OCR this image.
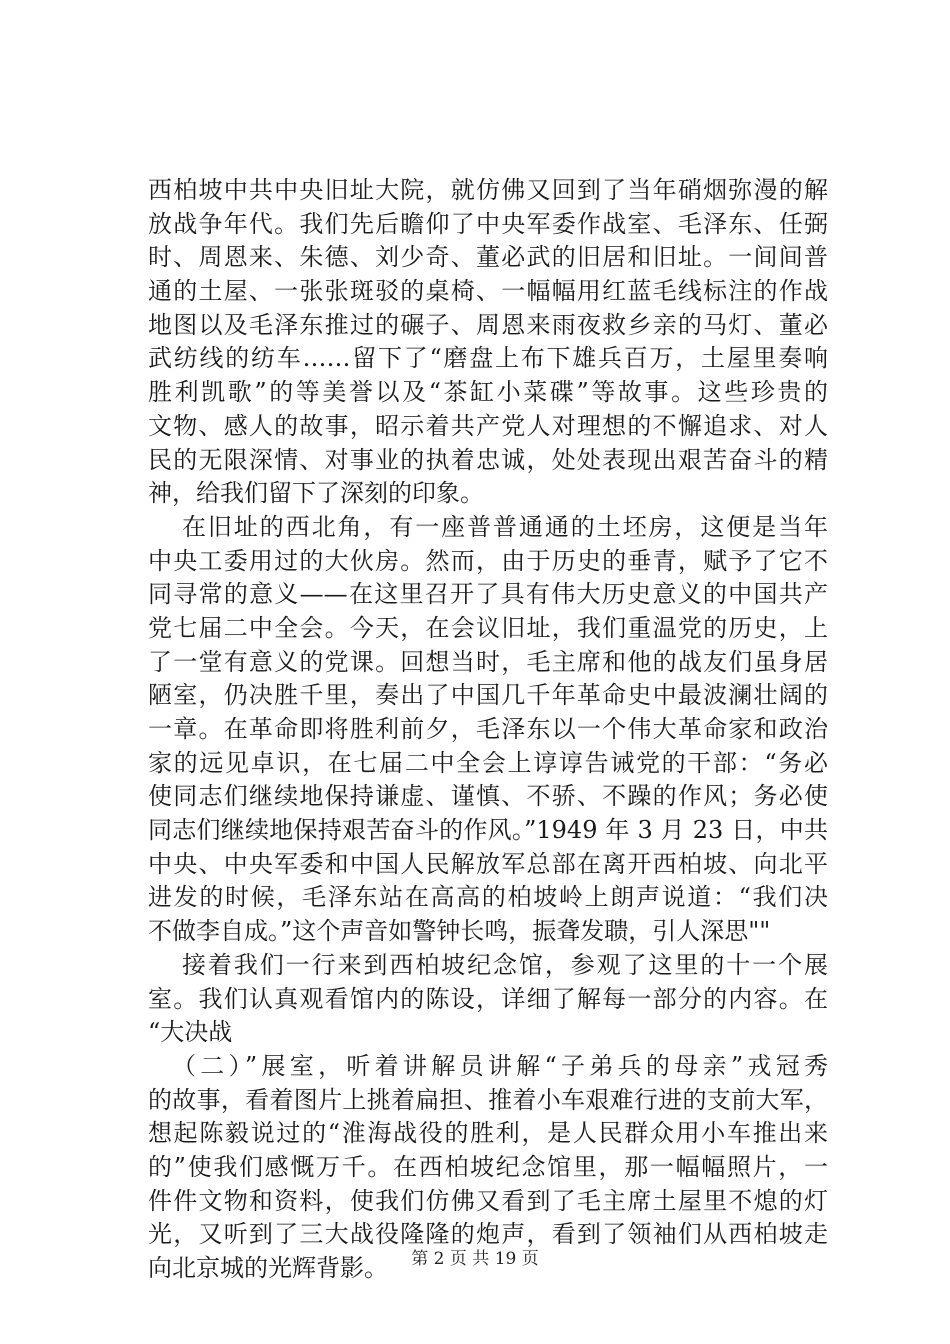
西柏坡中共中央旧址大院，就仿佛又回到了当年硝烟弥漫的解
放战争年代。我们先后瞻仰了中央军委作战室、毛泽东、任弼
时、周恩来、朱德、刘少奇、董必武的旧居和旧址。一间间普
通的土屋、一张张斑驳的桌椅、一幅幅用红蓝毛线标注的作战
地图以及毛泽东推过的碾子、周恩来雨夜救乡亲的马灯、董必
武纺线的纺车……留下了“磨盘上布下雄兵百万，土屋里奏响
胜利凯歌”的等美誉以及“茶缸小菜碟”等故事。这些珍贵的
文物、感人的故事，昭示着共产党人对理想的不懈追求、对人
民的无限深情、对事业的执着忠诚，处处表现出艰苦奋斗的精
神，给我们留下了深刻的印象。
在旧址的西北角，有一座普普通通的土坯房，这便是当年
中央工委用过的大伙房。然而，由于历史的垂青，赋予了它不
同寻常的意义——在这里召开了具有伟大历史意义的中国共产
党七届二中全会。今天，在会议旧址，我们重温党的历史，上
了一堂有意义的党课。回想当时，毛主席和他的战友们虽身居
陋室，仍决胜千里，奏出了中国几千年革命史中最波澜壮阔的
一章。在革命即将胜利前夕，毛泽东以一个伟大革命家和政治
家的远见卓识，在七届二中全会上谆谆告诫党的干部：“务必
使同志们继续地保持谦虚、谨慎、不骄、不躁的作风；务必使
同志们继续地保持艰苦奋斗的作风。”1949 年 3 月 23 日，中共
中央、中央军委和中国人民解放军总部在离开西柏坡、向北平
进发的时候，毛泽东站在高高的柏坡岭上朗声说道：“我们决
不做李自成。”这个声音如警钟长鸣，振聋发聩，引人深思""
接着我们一行来到西柏坡纪念馆，参观了这里的十一个展
室。我们认真观看馆内的陈设，详细了解每一部分的内容。在
“大决战
（二）”展室，听着讲解员讲解“子弟兵的母亲”戎冠秀
的故事，看着图片上挑着扁担、推着小车艰难行进的支前大军，
想起陈毅说过的“淮海战役的胜利，是人民群众用小车推出来
的”使我们感慨万千。在西柏坡纪念馆里，那一幅幅照片，一
件件文物和资料，使我们仿佛又看到了毛主席土屋里不熄的灯
光，又听到了三大战役隆隆的炮声，看到了领袖们从西柏坡走
向北京城的光辉背影。	第 2 页 共 19 页
